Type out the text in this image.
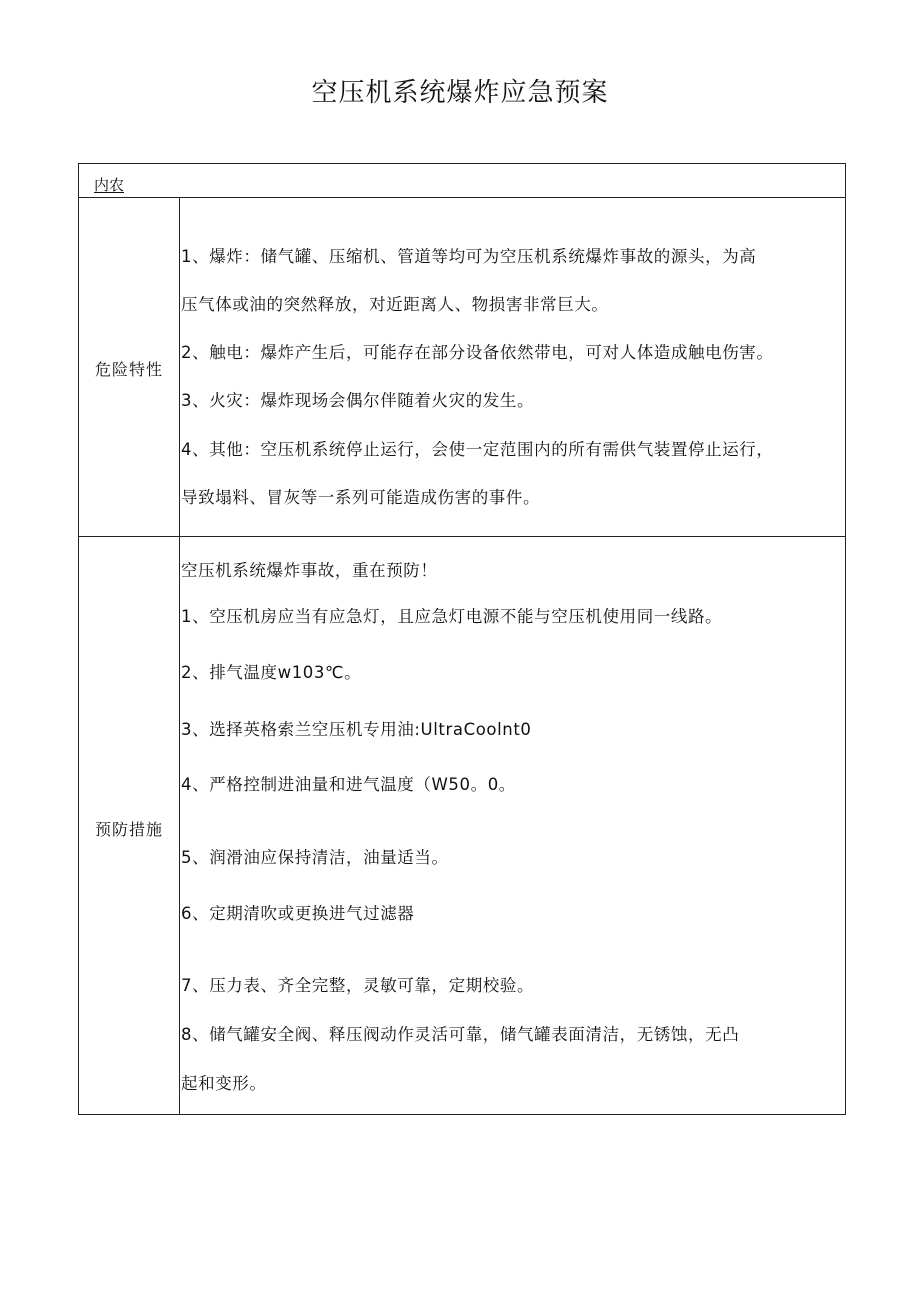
空压机系统爆炸应急预案
内农
危险特性
1、爆炸：储气罐、压缩机、管道等均可为空压机系统爆炸事故的源头，为高
压气体或油的突然释放，对近距离人、物损害非常巨大。
2、触电：爆炸产生后，可能存在部分设备依然带电，可对人体造成触电伤害。
3、火灾：爆炸现场会偶尔伴随着火灾的发生。
4、其他：空压机系统停止运行，会使一定范围内的所有需供气装置停止运行，
导致塌料、冒灰等一系列可能造成伤害的事件。
预防措施
空压机系统爆炸事故，重在预防！
1、空压机房应当有应急灯，且应急灯电源不能与空压机使用同一线路。
2、排气温度w103℃。
3、选择英格索兰空压机专用油:UltraCoolnt0
4、严格控制进油量和进气温度（W50。0。
5、润滑油应保持清洁，油量适当。
6、定期清吹或更换进气过滤器
7、压力表、齐全完整，灵敏可靠，定期校验。
8、储气罐安全阀、释压阀动作灵活可靠，储气罐表面清洁，无锈蚀，无凸
起和变形。
